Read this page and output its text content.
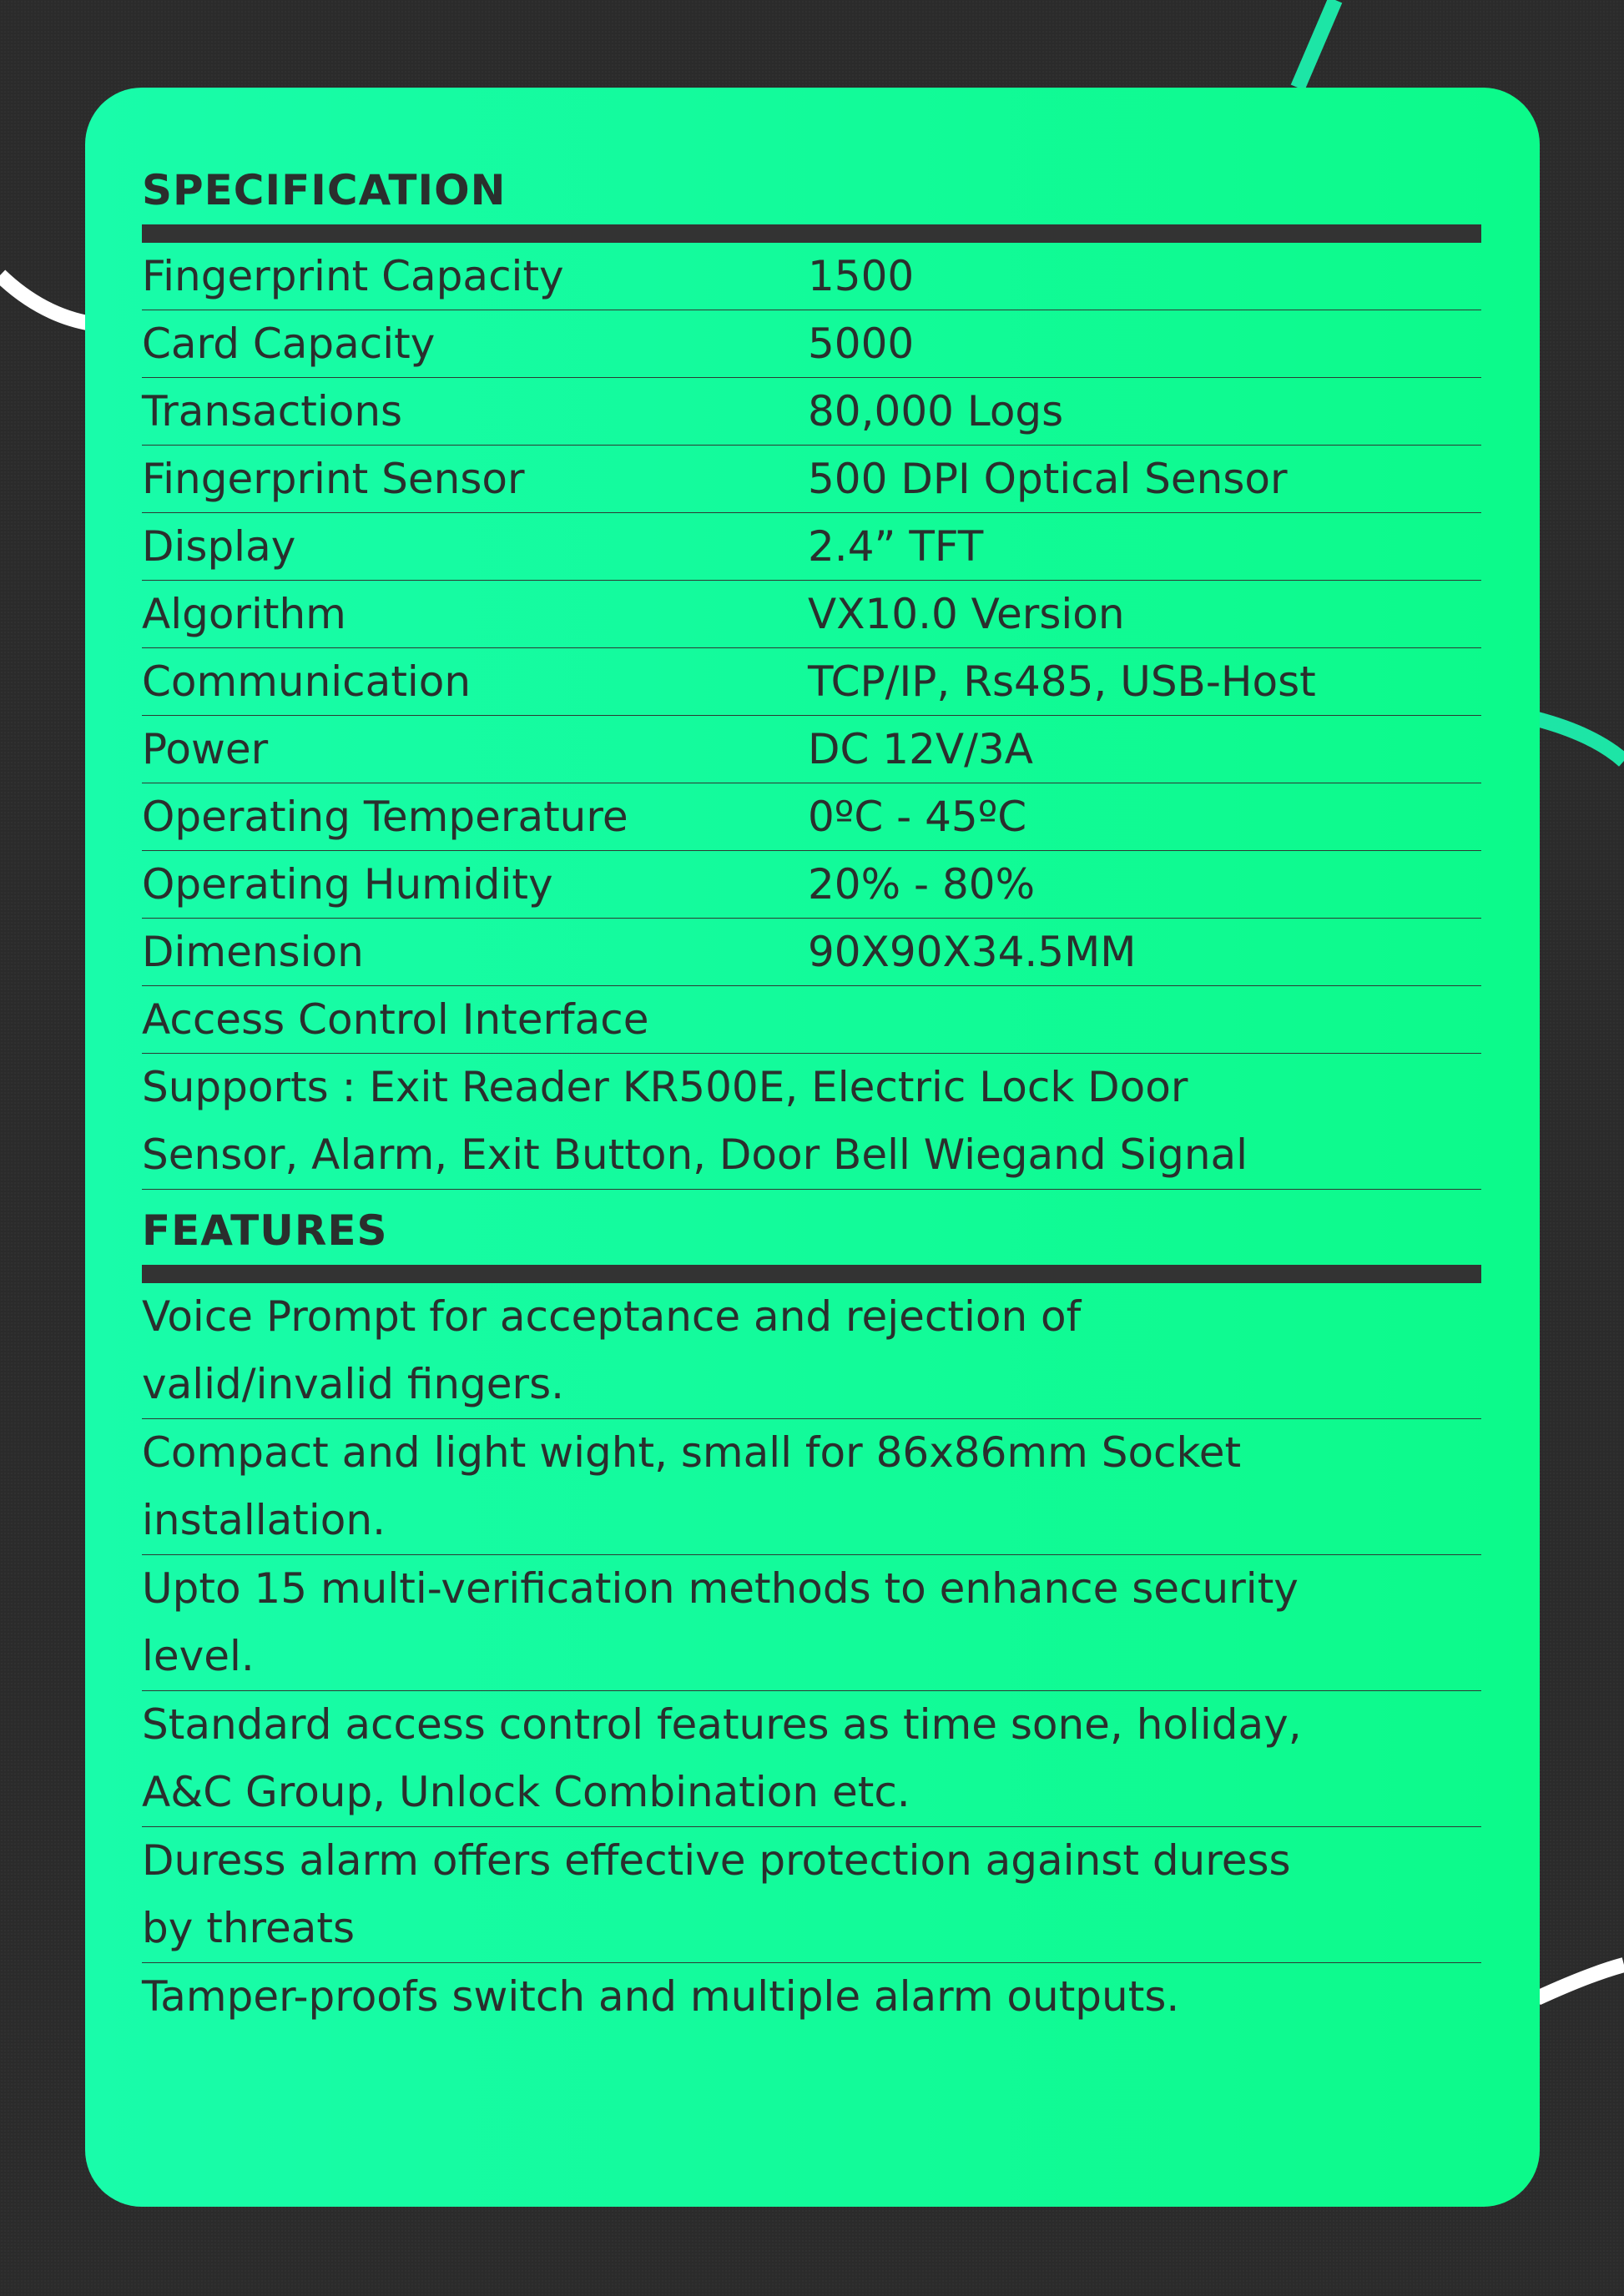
SPECIFICATION
Fingerprint Capacity	1500
Card Capacity	5000
Transactions	80,000 Logs
Fingerprint Sensor	500 DPI Optical Sensor
Display	2.4” TFT
Algorithm	VX10.0 Version
Communication	TCP/IP, Rs485, USB-Host
Power	DC 12V/3A
Operating Temperature	0ºC - 45ºC
Operating Humidity	20% - 80%
Dimension	90X90X34.5MM
Access Control Interface
Supports : Exit Reader KR500E, Electric Lock Door
Sensor, Alarm, Exit Button, Door Bell Wiegand Signal
FEATURES
Voice Prompt for acceptance and rejection of
valid/invalid fingers.
Compact and light wight, small for 86x86mm Socket
installation.
Upto 15 multi-verification methods to enhance security
level.
Standard access control features as time sone, holiday,
A&C Group, Unlock Combination etc.
Duress alarm offers effective protection against duress
by threats
Tamper-proofs switch and multiple alarm outputs.
